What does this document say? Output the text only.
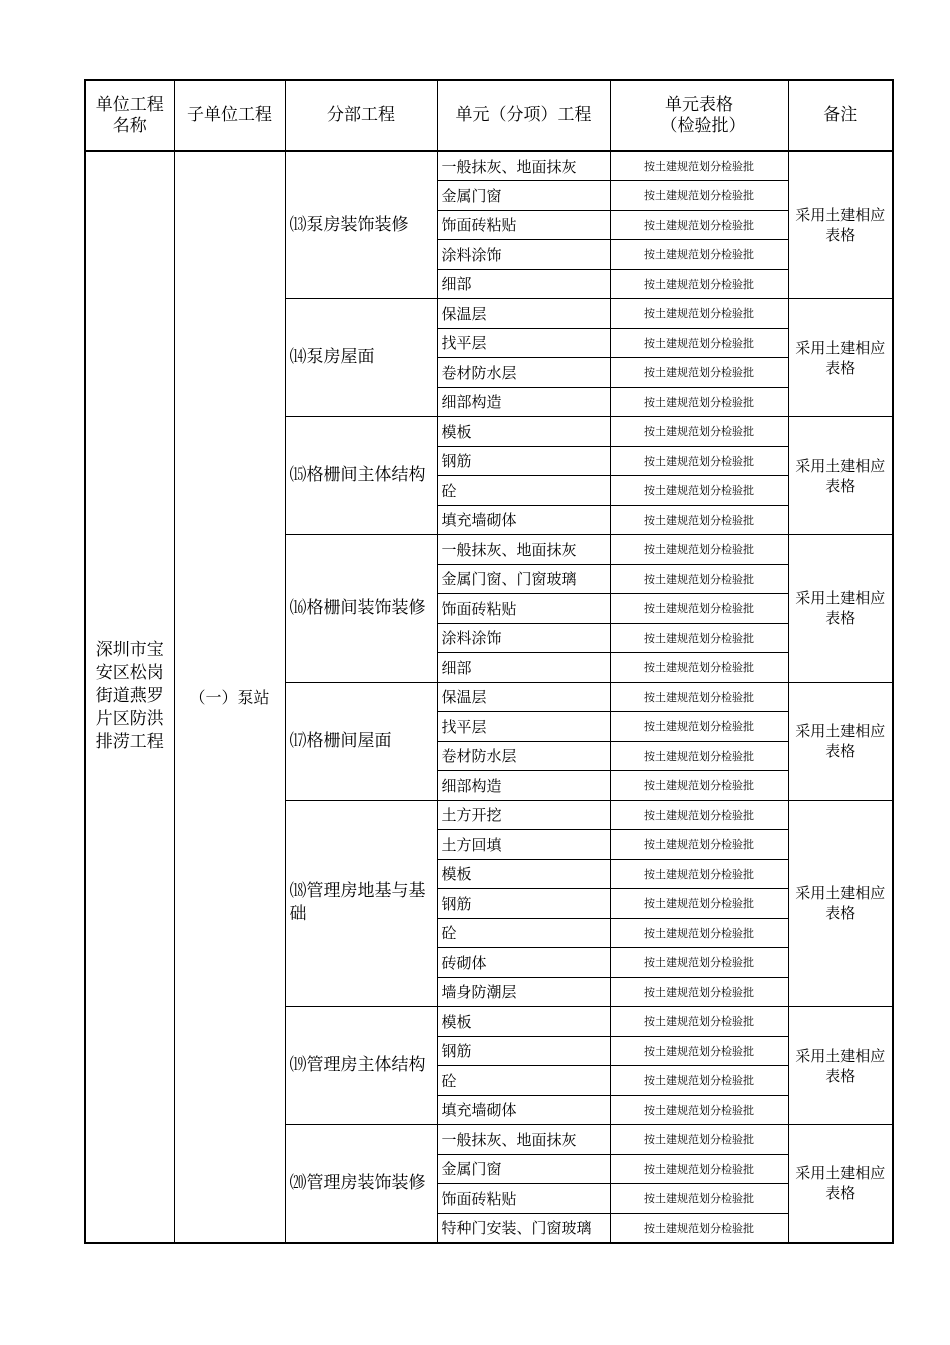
单位工程名称	子单位工程	分部工程	单元（分项）工程	单元表格（检验批）	备注
深圳市宝安区松岗街道燕罗片区防洪排涝工程	（一）泵站	⒀泵房装饰装修	一般抹灰、地面抹灰	按土建规范划分检验批	采用土建相应表格
			金属门窗	按土建规范划分检验批	
			饰面砖粘贴	按土建规范划分检验批	
			涂料涂饰	按土建规范划分检验批	
			细部	按土建规范划分检验批	
		⒁泵房屋面	保温层	按土建规范划分检验批	采用土建相应表格
			找平层	按土建规范划分检验批	
			卷材防水层	按土建规范划分检验批	
			细部构造	按土建规范划分检验批	
		⒂格栅间主体结构	模板	按土建规范划分检验批	采用土建相应表格
			钢筋	按土建规范划分检验批	
			砼	按土建规范划分检验批	
			填充墙砌体	按土建规范划分检验批	
		⒃格栅间装饰装修	一般抹灰、地面抹灰	按土建规范划分检验批	采用土建相应表格
			金属门窗、门窗玻璃	按土建规范划分检验批	
			饰面砖粘贴	按土建规范划分检验批	
			涂料涂饰	按土建规范划分检验批	
			细部	按土建规范划分检验批	
		⒄格栅间屋面	保温层	按土建规范划分检验批	采用土建相应表格
			找平层	按土建规范划分检验批	
			卷材防水层	按土建规范划分检验批	
			细部构造	按土建规范划分检验批	
		⒅管理房地基与基础	土方开挖	按土建规范划分检验批	采用土建相应表格
			土方回填	按土建规范划分检验批	
			模板	按土建规范划分检验批	
			钢筋	按土建规范划分检验批	
			砼	按土建规范划分检验批	
			砖砌体	按土建规范划分检验批	
			墙身防潮层	按土建规范划分检验批	
		⒆管理房主体结构	模板	按土建规范划分检验批	采用土建相应表格
			钢筋	按土建规范划分检验批	
			砼	按土建规范划分检验批	
			填充墙砌体	按土建规范划分检验批	
		⒇管理房装饰装修	一般抹灰、地面抹灰	按土建规范划分检验批	采用土建相应表格
			金属门窗	按土建规范划分检验批	
			饰面砖粘贴	按土建规范划分检验批	
			特种门安装、门窗玻璃	按土建规范划分检验批	
